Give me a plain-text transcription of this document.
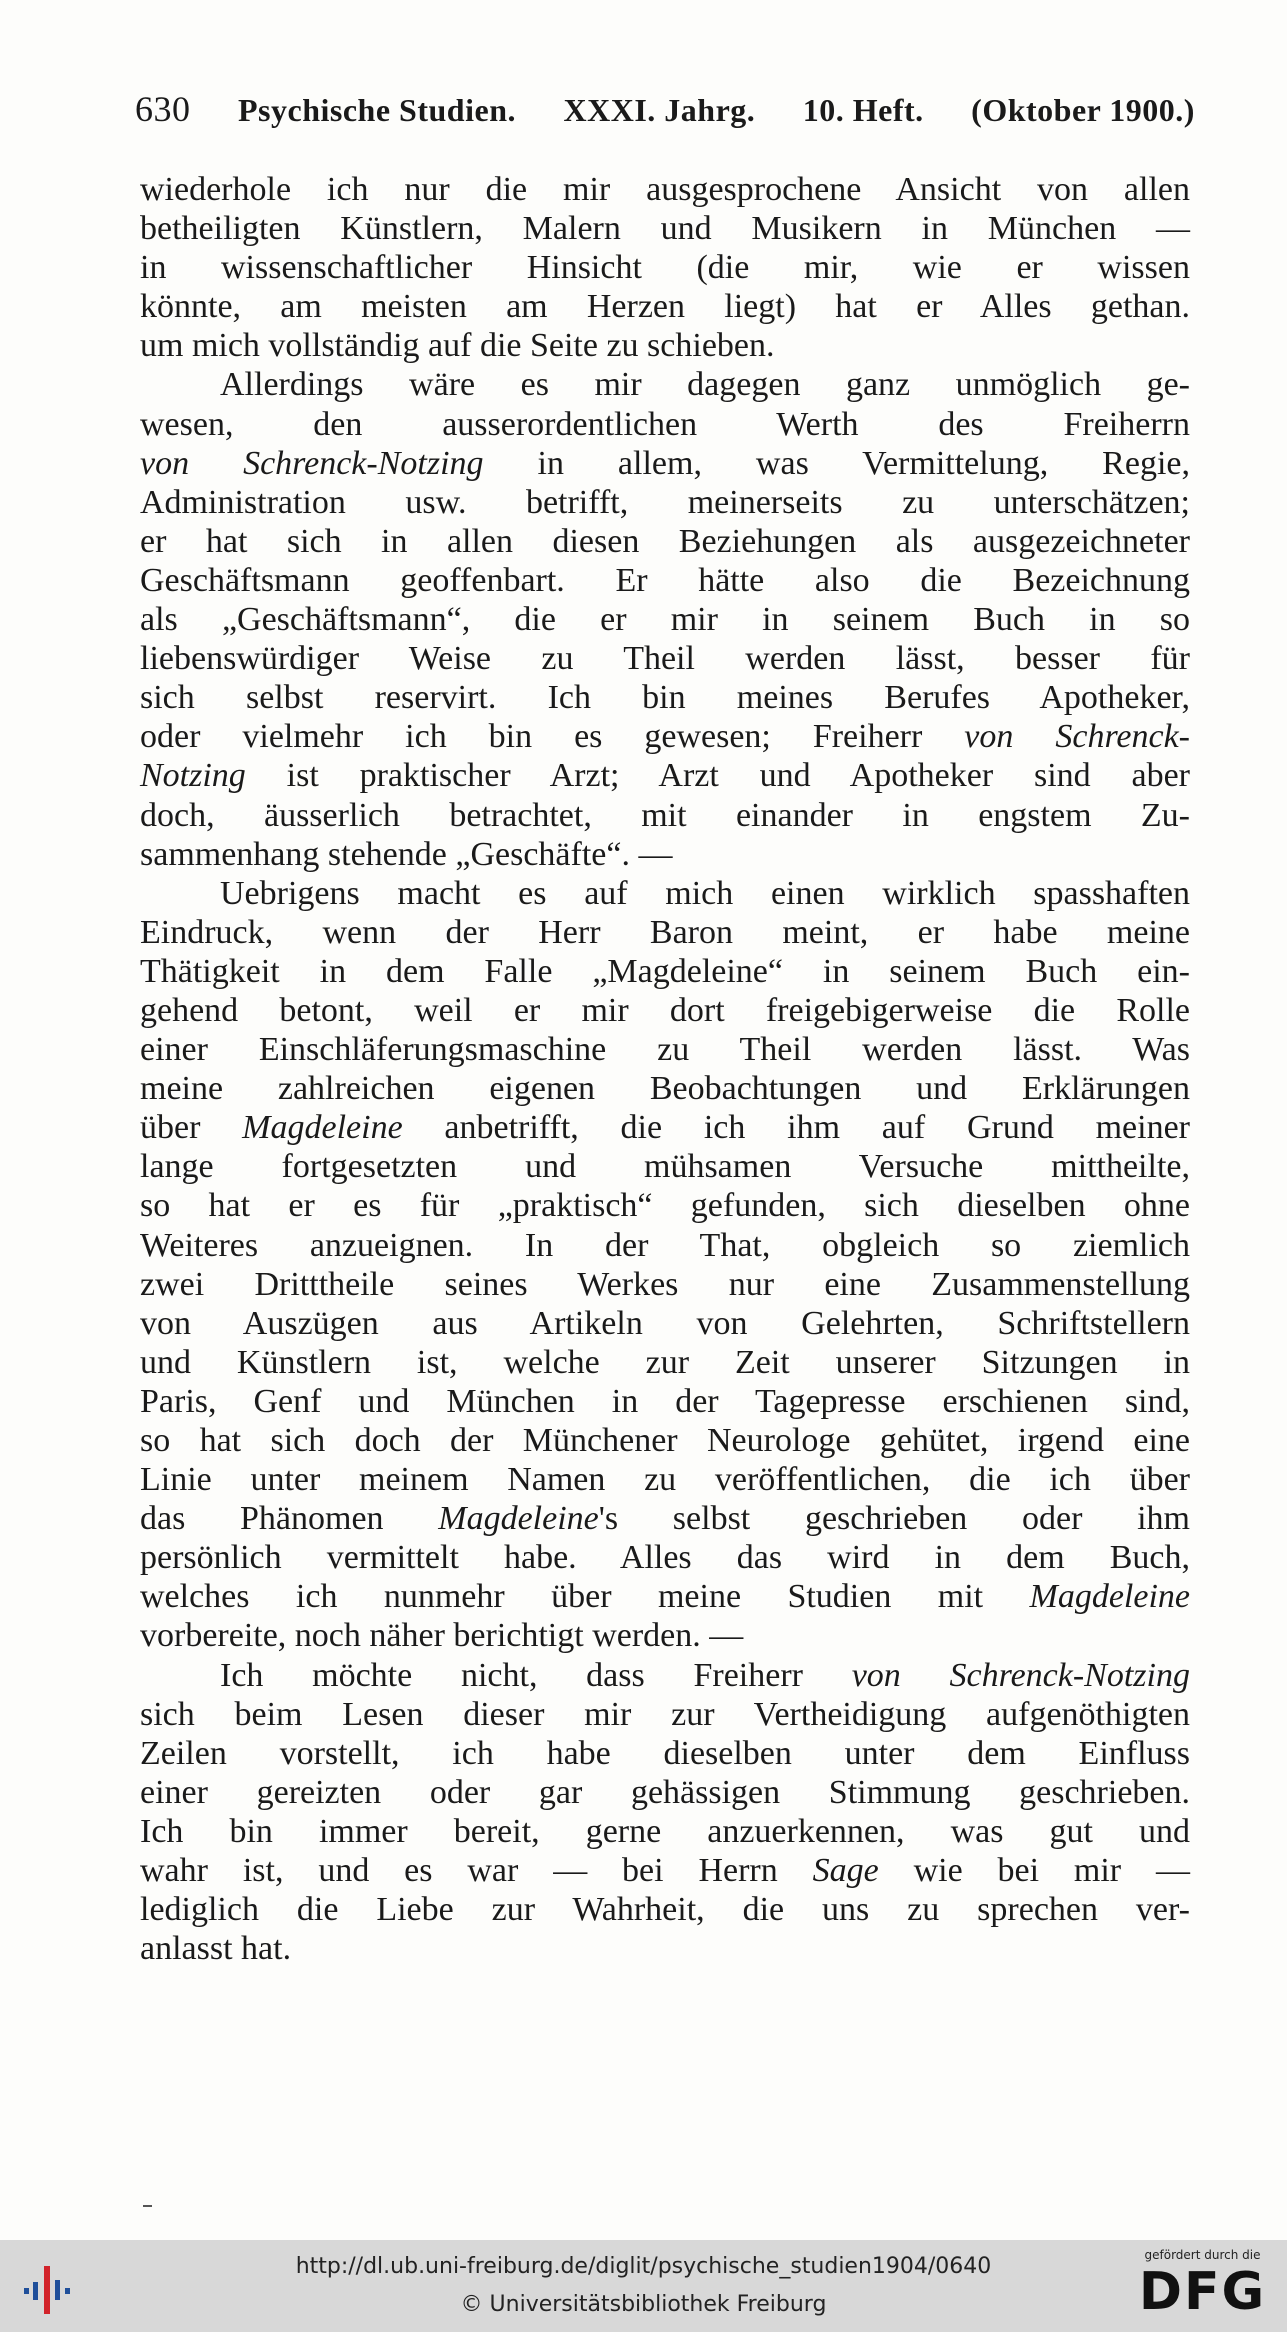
630 Psychische Studien. XXXI. Jahrg. 10. Heft. (Oktober 1900.)

wiederhole ich nur die mir ausgesprochene Ansicht von allen

betheiligten Künstlern, Malern und Musikern in München —

in wissenschaftlicher Hinsicht (die mir, wie er wissen

könnte, am meisten am Herzen liegt) hat er Alles gethan.

um mich vollständig auf die Seite zu schieben.

Allerdings wäre es mir dagegen ganz unmöglich ge-

wesen, den ausserordentlichen Werth des Freiherrn

von Schrenck-Notzing in allem, was Vermittelung, Regie,

Administration usw. betrifft, meinerseits zu unterschätzen;

er hat sich in allen diesen Beziehungen als ausgezeichneter

Geschäftsmann geoffenbart. Er hätte also die Bezeichnung

als „Geschäftsmann“, die er mir in seinem Buch in so

liebenswürdiger Weise zu Theil werden lässt, besser für

sich selbst reservirt. Ich bin meines Berufes Apotheker,

oder vielmehr ich bin es gewesen; Freiherr von Schrenck-

Notzing ist praktischer Arzt; Arzt und Apotheker sind aber

doch, äusserlich betrachtet, mit einander in engstem Zu-

sammenhang stehende „Geschäfte“. —

Uebrigens macht es auf mich einen wirklich spasshaften

Eindruck, wenn der Herr Baron meint, er habe meine

Thätigkeit in dem Falle „Magdeleine“ in seinem Buch ein-

gehend betont, weil er mir dort freigebigerweise die Rolle

einer Einschläferungsmaschine zu Theil werden lässt. Was

meine zahlreichen eigenen Beobachtungen und Erklärungen

über Magdeleine anbetrifft, die ich ihm auf Grund meiner

lange fortgesetzten und mühsamen Versuche mittheilte,

so hat er es für „praktisch“ gefunden, sich dieselben ohne

Weiteres anzueignen. In der That, obgleich so ziemlich

zwei Dritttheile seines Werkes nur eine Zusammenstellung

von Auszügen aus Artikeln von Gelehrten, Schriftstellern

und Künstlern ist, welche zur Zeit unserer Sitzungen in

Paris, Genf und München in der Tagepresse erschienen sind,

so hat sich doch der Münchener Neurologe gehütet, irgend eine

Linie unter meinem Namen zu veröffentlichen, die ich über

das Phänomen Magdeleine's selbst geschrieben oder ihm

persönlich vermittelt habe. Alles das wird in dem Buch,

welches ich nunmehr über meine Studien mit Magdeleine

vorbereite, noch näher berichtigt werden. —

Ich möchte nicht, dass Freiherr von Schrenck-Notzing

sich beim Lesen dieser mir zur Vertheidigung aufgenöthigten

Zeilen vorstellt, ich habe dieselben unter dem Einfluss

einer gereizten oder gar gehässigen Stimmung geschrieben.

Ich bin immer bereit, gerne anzuerkennen, was gut und

wahr ist, und es war — bei Herrn Sage wie bei mir —

lediglich die Liebe zur Wahrheit, die uns zu sprechen ver-

anlasst hat.

http://dl.ub.uni-freiburg.de/diglit/psychische_studien1904/0640
© Universitätsbibliothek Freiburg
gefördert durch die
DFG
